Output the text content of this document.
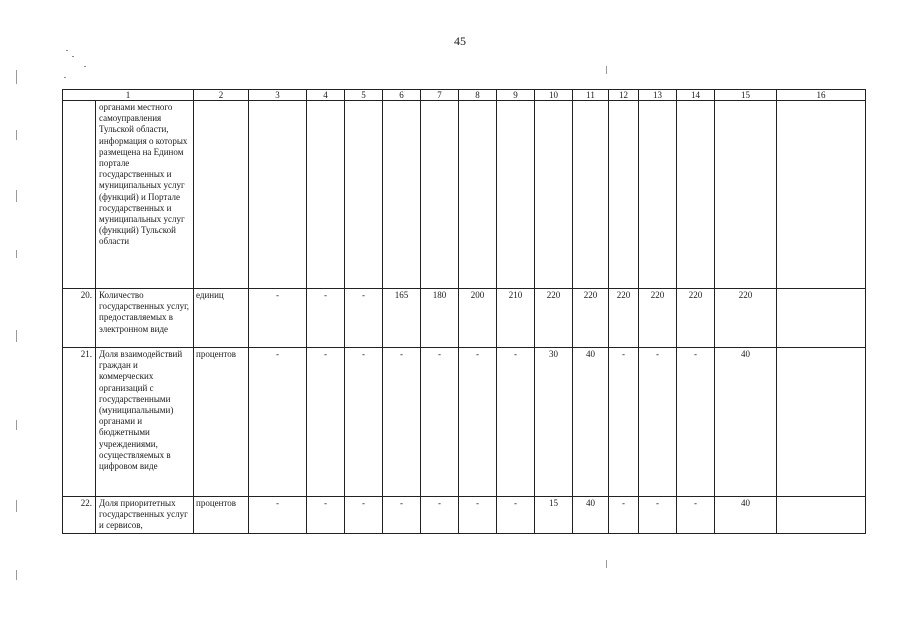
45
1		2	3	4	5	6	7	8	9	10	11	12	13	14	15	16
	органами местного самоуправления Тульской области, информация о которых размещена на Едином портале государственных и муниципальных услуг (функций) и Портале государственных и муниципальных услуг (функций) Тульской области															
20.	Количество государственных услуг, предоставляемых в электронном виде	единиц	-	-	-	165	180	200	210	220	220	220	220	220	220	
21.	Доля взаимодействий граждан и коммерческих организаций с государственными (муниципальными) органами и бюджетными учреждениями, осуществляемых в цифровом виде	процентов	-	-	-	-	-	-	-	30	40	-	-	-	40	
22.	Доля приоритетных государственных услуг и сервисов,	процентов	-	-	-	-	-	-	-	15	40	-	-	-	40	
